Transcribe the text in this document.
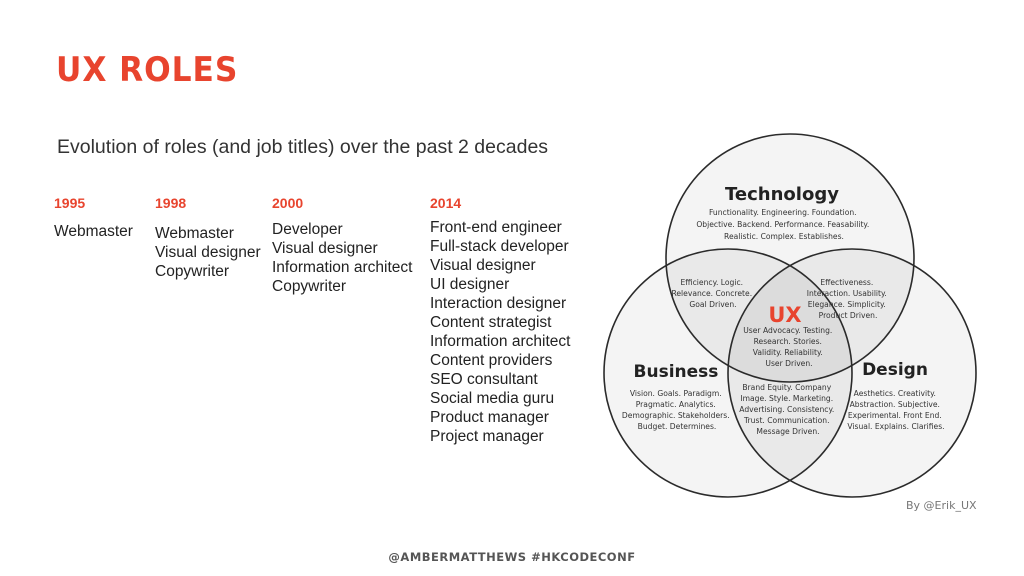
UX ROLES
Evolution of roles (and job titles) over the past 2 decades
1995
Webmaster
1998
Webmaster
Visual designer
Copywriter
2000
Developer
Visual designer
Information architect
Copywriter
2014
Front-end engineer
Full-stack developer
Visual designer
UI designer
Interaction designer
Content strategist
Information architect
Content providers
SEO consultant
Social media guru
Product manager
Project manager
Technology
Functionality. Engineering. Foundation. Objective. Backend. Performance. Feasability. Realistic. Complex. Establishes.
Business
Vision. Goals. Paradigm. Pragmatic. Analytics. Demographic. Stakeholders. Budget. Determines.
Design
Aesthetics. Creativity. Abstraction. Subjective. Experimental. Front End. Visual. Explains. Clarifies.
Efficiency. Logic. Relevance. Concrete. Goal Driven.
Effectiveness. Interaction. Usability. Elegance. Simplicity. Product Driven.
Brand Equity. Company Image. Style. Marketing. Advertising. Consistency. Trust. Communication. Message Driven.
UX
User Advocacy. Testing. Research. Stories. Validity. Reliability. User Driven.
By @Erik_UX
@AMBERMATTHEWS #HKCODECONF
